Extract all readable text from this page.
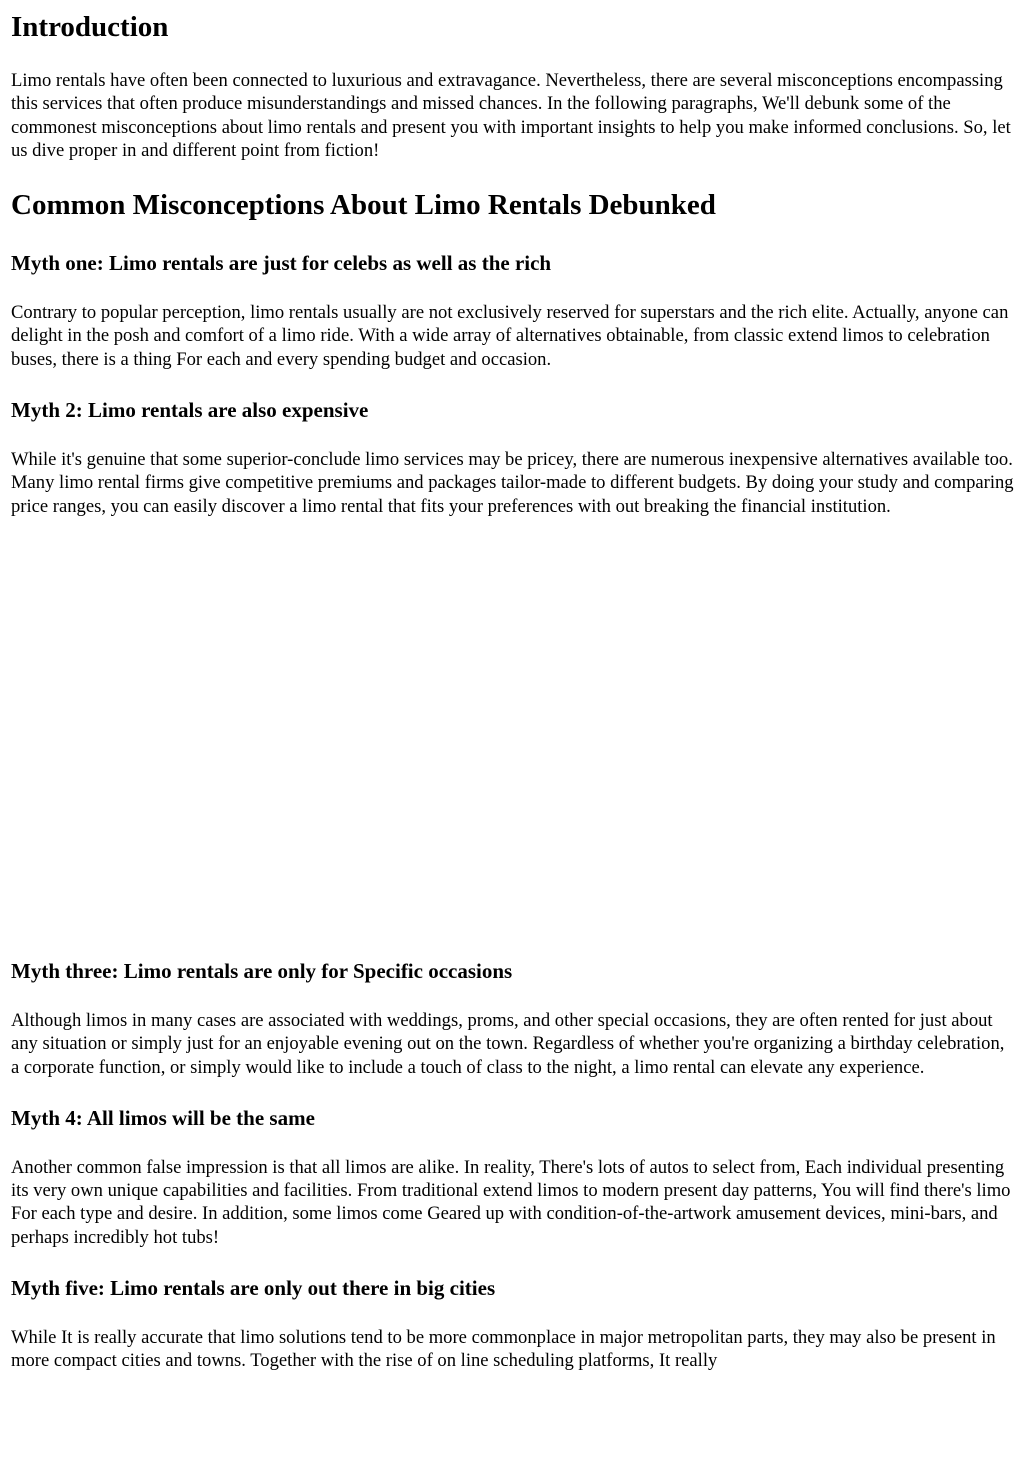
Introduction

Limo rentals have often been connected to luxurious and extravagance. Nevertheless, there are several misconceptions encompassing this services that often produce misunderstandings and missed chances. In the following paragraphs, We'll debunk some of the commonest misconceptions about limo rentals and present you with important insights to help you make informed conclusions. So, let us dive proper in and different point from fiction!

Common Misconceptions About Limo Rentals Debunked
Myth one: Limo rentals are just for celebs as well as the rich

Contrary to popular perception, limo rentals usually are not exclusively reserved for superstars and the rich elite. Actually, anyone can delight in the posh and comfort of a limo ride. With a wide array of alternatives obtainable, from classic extend limos to celebration buses, there is a thing For each and every spending budget and occasion.

Myth 2: Limo rentals are also expensive

While it's genuine that some superior-conclude limo services may be pricey, there are numerous inexpensive alternatives available too. Many limo rental firms give competitive premiums and packages tailor-made to different budgets. By doing your study and comparing price ranges, you can easily discover a limo rental that fits your preferences with out breaking the financial institution.

Myth three: Limo rentals are only for Specific occasions

Although limos in many cases are associated with weddings, proms, and other special occasions, they are often rented for just about any situation or simply just for an enjoyable evening out on the town. Regardless of whether you're organizing a birthday celebration, a corporate function, or simply would like to include a touch of class to the night, a limo rental can elevate any experience.

Myth 4: All limos will be the same

Another common false impression is that all limos are alike. In reality, There's lots of autos to select from, Each individual presenting its very own unique capabilities and facilities. From traditional extend limos to modern present day patterns, You will find there's limo For each type and desire. In addition, some limos come Geared up with condition-of-the-artwork amusement devices, mini-bars, and perhaps incredibly hot tubs!

Myth five: Limo rentals are only out there in big cities

While It is really accurate that limo solutions tend to be more commonplace in major metropolitan parts, they may also be present in more compact cities and towns. Together with the rise of on line scheduling platforms, It really
